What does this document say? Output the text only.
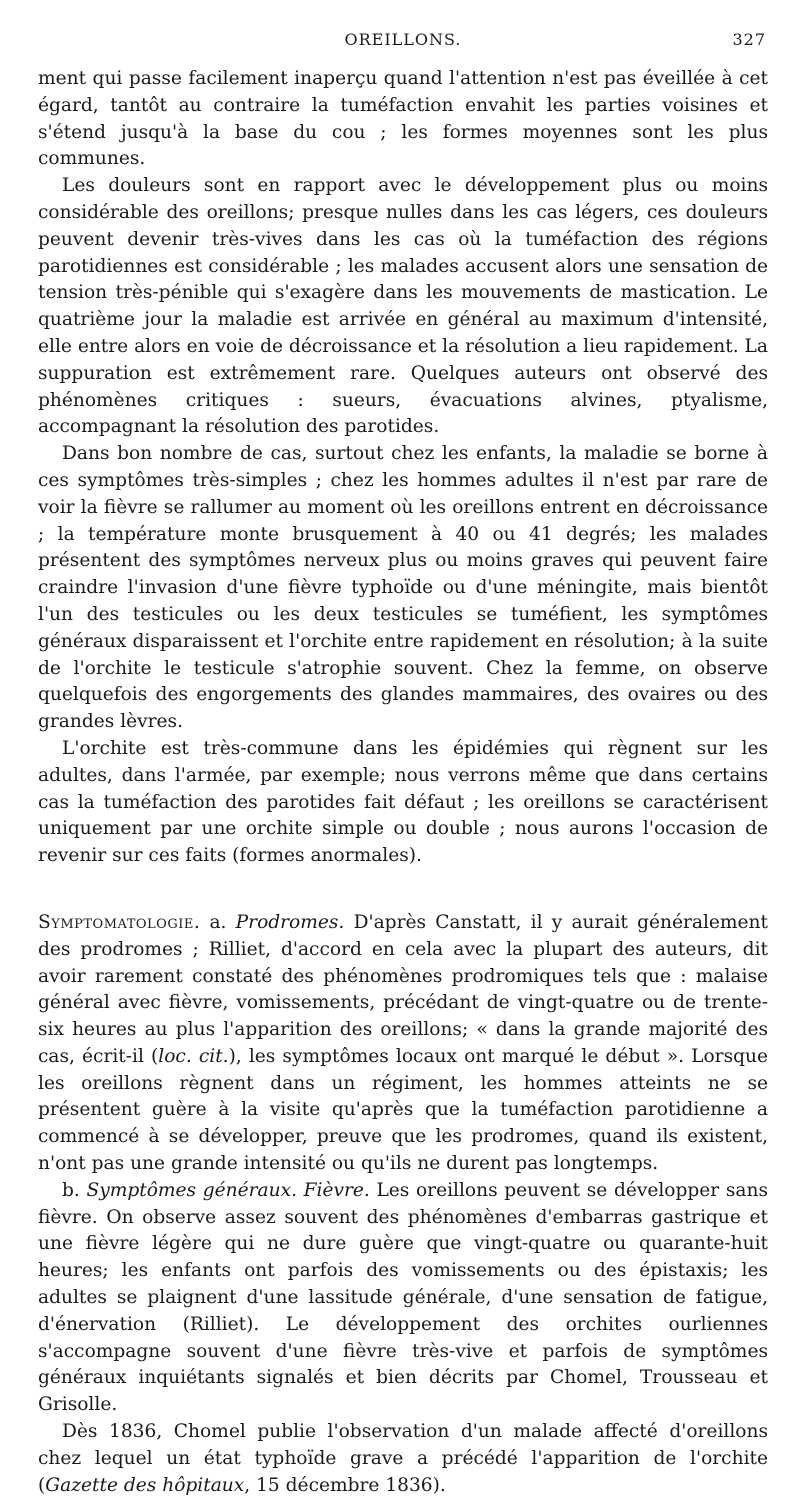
OREILLONS.	327

ment qui passe facilement inaperçu quand l'attention n'est pas éveillée à cet égard, tantôt au contraire la tuméfaction envahit les parties voisines et s'étend jusqu'à la base du cou ; les formes moyennes sont les plus communes.

Les douleurs sont en rapport avec le développement plus ou moins considérable des oreillons; presque nulles dans les cas légers, ces douleurs peuvent devenir très-vives dans les cas où la tuméfaction des régions parotidiennes est considérable ; les malades accusent alors une sensation de tension très-pénible qui s'exagère dans les mouvements de mastication. Le quatrième jour la maladie est arrivée en général au maximum d'intensité, elle entre alors en voie de décroissance et la résolution a lieu rapidement. La suppuration est extrêmement rare. Quelques auteurs ont observé des phénomènes critiques : sueurs, évacuations alvines, ptyalisme, accompagnant la résolution des parotides.

Dans bon nombre de cas, surtout chez les enfants, la maladie se borne à ces symptômes très-simples ; chez les hommes adultes il n'est par rare de voir la fièvre se rallumer au moment où les oreillons entrent en décroissance ; la température monte brusquement à 40 ou 41 degrés; les malades présentent des symptômes nerveux plus ou moins graves qui peuvent faire craindre l'invasion d'une fièvre typhoïde ou d'une méningite, mais bientôt l'un des testicules ou les deux testicules se tuméfient, les symptômes généraux disparaissent et l'orchite entre rapidement en résolution; à la suite de l'orchite le testicule s'atrophie souvent. Chez la femme, on observe quelquefois des engorgements des glandes mammaires, des ovaires ou des grandes lèvres.

L'orchite est très-commune dans les épidémies qui règnent sur les adultes, dans l'armée, par exemple; nous verrons même que dans certains cas la tuméfaction des parotides fait défaut ; les oreillons se caractérisent uniquement par une orchite simple ou double ; nous aurons l'occasion de revenir sur ces faits (formes anormales).

Symptomatologie. a. Prodromes. D'après Canstatt, il y aurait généralement des prodromes ; Rilliet, d'accord en cela avec la plupart des auteurs, dit avoir rarement constaté des phénomènes prodromiques tels que : malaise général avec fièvre, vomissements, précédant de vingt-quatre ou de trente-six heures au plus l'apparition des oreillons; « dans la grande majorité des cas, écrit-il (loc. cit.), les symptômes locaux ont marqué le début ». Lorsque les oreillons règnent dans un régiment, les hommes atteints ne se présentent guère à la visite qu'après que la tuméfaction parotidienne a commencé à se développer, preuve que les prodromes, quand ils existent, n'ont pas une grande intensité ou qu'ils ne durent pas longtemps.

b. Symptômes généraux. Fièvre. Les oreillons peuvent se développer sans fièvre. On observe assez souvent des phénomènes d'embarras gastrique et une fièvre légère qui ne dure guère que vingt-quatre ou quarante-huit heures; les enfants ont parfois des vomissements ou des épistaxis; les adultes se plaignent d'une lassitude générale, d'une sensation de fatigue, d'énervation (Rilliet). Le développement des orchites ourliennes s'accompagne souvent d'une fièvre très-vive et parfois de symptômes généraux inquiétants signalés et bien décrits par Chomel, Trousseau et Grisolle.

Dès 1836, Chomel publie l'observation d'un malade affecté d'oreillons chez lequel un état typhoïde grave a précédé l'apparition de l'orchite (Gazette des hôpitaux, 15 décembre 1836).
